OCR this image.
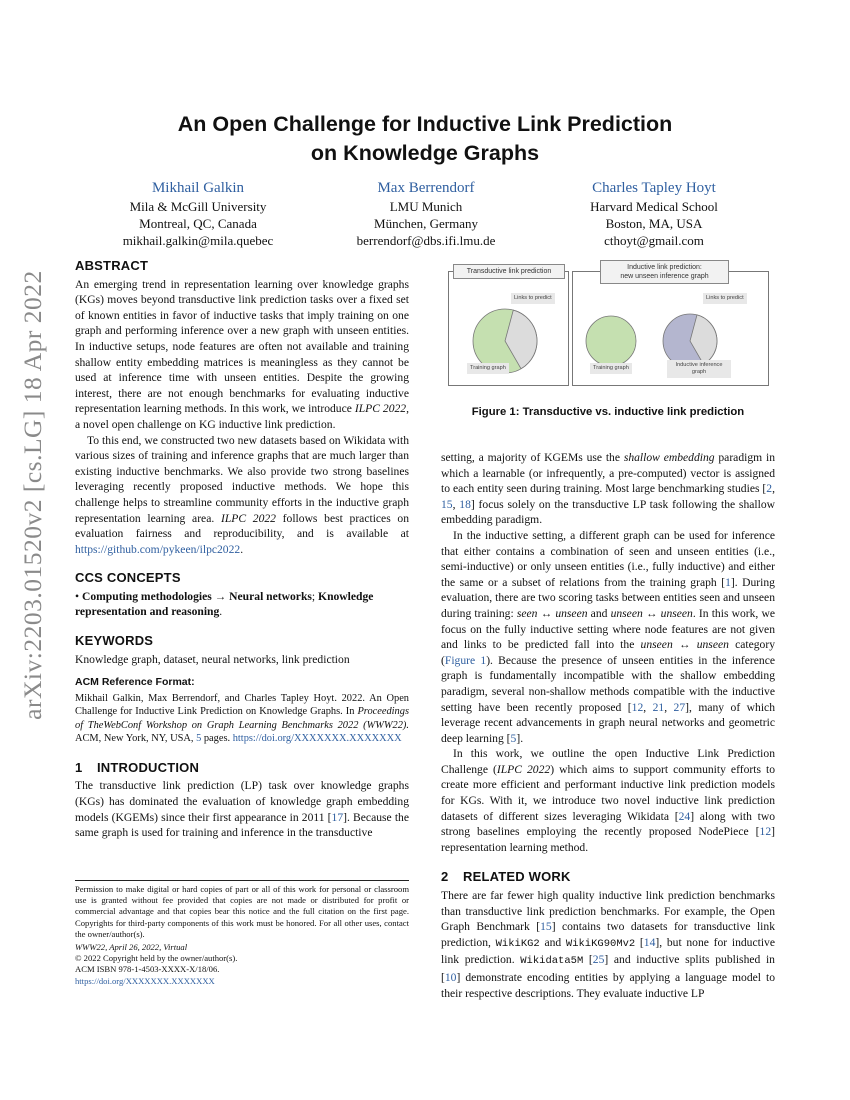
arXiv:2203.01520v2 [cs.LG] 18 Apr 2022
An Open Challenge for Inductive Link Prediction
on Knowledge Graphs
Mikhail Galkin
Mila & McGill University
Montreal, QC, Canada
mikhail.galkin@mila.quebec
Max Berrendorf
LMU Munich
München, Germany
berrendorf@dbs.ifi.lmu.de
Charles Tapley Hoyt
Harvard Medical School
Boston, MA, USA
cthoyt@gmail.com
ABSTRACT

An emerging trend in representation learning over knowledge graphs (KGs) moves beyond transductive link prediction tasks over a fixed set of known entities in favor of inductive tasks that imply training on one graph and performing inference over a new graph with unseen entities. In inductive setups, node features are often not available and training shallow entity embedding matrices is meaningless as they cannot be used at inference time with unseen entities. Despite the growing interest, there are not enough benchmarks for evaluating inductive representation learning methods. In this work, we introduce ILPC 2022, a novel open challenge on KG inductive link prediction.

To this end, we constructed two new datasets based on Wikidata with various sizes of training and inference graphs that are much larger than existing inductive benchmarks. We also provide two strong baselines leveraging recently proposed inductive methods. We hope this challenge helps to streamline community efforts in the inductive graph representation learning area. ILPC 2022 follows best practices on evaluation fairness and reproducibility, and is available at https://github.com/pykeen/ilpc2022.

CCS CONCEPTS

• Computing methodologies → Neural networks; Knowledge representation and reasoning.

KEYWORDS

Knowledge graph, dataset, neural networks, link prediction

ACM Reference Format:

Mikhail Galkin, Max Berrendorf, and Charles Tapley Hoyt. 2022. An Open Challenge for Inductive Link Prediction on Knowledge Graphs. In Proceedings of TheWebConf Workshop on Graph Learning Benchmarks 2022 (WWW22). ACM, New York, NY, USA, 5 pages. https://doi.org/XXXXXXX.XXXXXXX

1 INTRODUCTION

The transductive link prediction (LP) task over knowledge graphs (KGs) has dominated the evaluation of knowledge graph embedding models (KGEMs) since their first appearance in 2011 [17]. Because the same graph is used for training and inference in the transductive

Permission to make digital or hard copies of part or all of this work for personal or classroom use is granted without fee provided that copies are not made or distributed for profit or commercial advantage and that copies bear this notice and the full citation on the first page. Copyrights for third-party components of this work must be honored. For all other uses, contact the owner/author(s).
WWW22, April 26, 2022, Virtual
© 2022 Copyright held by the owner/author(s).
ACM ISBN 978-1-4503-XXXX-X/18/06.
https://doi.org/XXXXXXX.XXXXXXX
Transductive link prediction
Inductive link prediction:
new unseen inference graph
Links to predict
Training graph	Training graph
Links to predict
Inductive inference
graph
Figure 1: Transductive vs. inductive link prediction

setting, a majority of KGEMs use the shallow embedding paradigm in which a learnable (or infrequently, a pre-computed) vector is assigned to each entity seen during training. Most large benchmarking studies [2, 15, 18] focus solely on the transductive LP task following the shallow embedding paradigm.

In the inductive setting, a different graph can be used for inference that either contains a combination of seen and unseen entities (i.e., semi-inductive) or only unseen entities (i.e., fully inductive) and either the same or a subset of relations from the training graph [1]. During evaluation, there are two scoring tasks between entities seen and unseen during training: seen ↔ unseen and unseen ↔ unseen. In this work, we focus on the fully inductive setting where node features are not given and links to be predicted fall into the unseen ↔ unseen category (Figure 1). Because the presence of unseen entities in the inference graph is fundamentally incompatible with the shallow embedding paradigm, several non-shallow methods compatible with the inductive setting have been recently proposed [12, 21, 27], many of which leverage recent advancements in graph neural networks and geometric deep learning [5].

In this work, we outline the open Inductive Link Prediction Challenge (ILPC 2022) which aims to support community efforts to create more efficient and performant inductive link prediction models for KGs. With it, we introduce two novel inductive link prediction datasets of different sizes leveraging Wikidata [24] along with two strong baselines employing the recently proposed NodePiece [12] representation learning method.

2 RELATED WORK

There are far fewer high quality inductive link prediction benchmarks than transductive link prediction benchmarks. For example, the Open Graph Benchmark [15] contains two datasets for transductive link prediction, WikiKG2 and WikiKG90Mv2 [14], but none for inductive link prediction. Wikidata5M [25] and inductive splits published in [10] demonstrate encoding entities by applying a language model to their respective descriptions. They evaluate inductive LP
